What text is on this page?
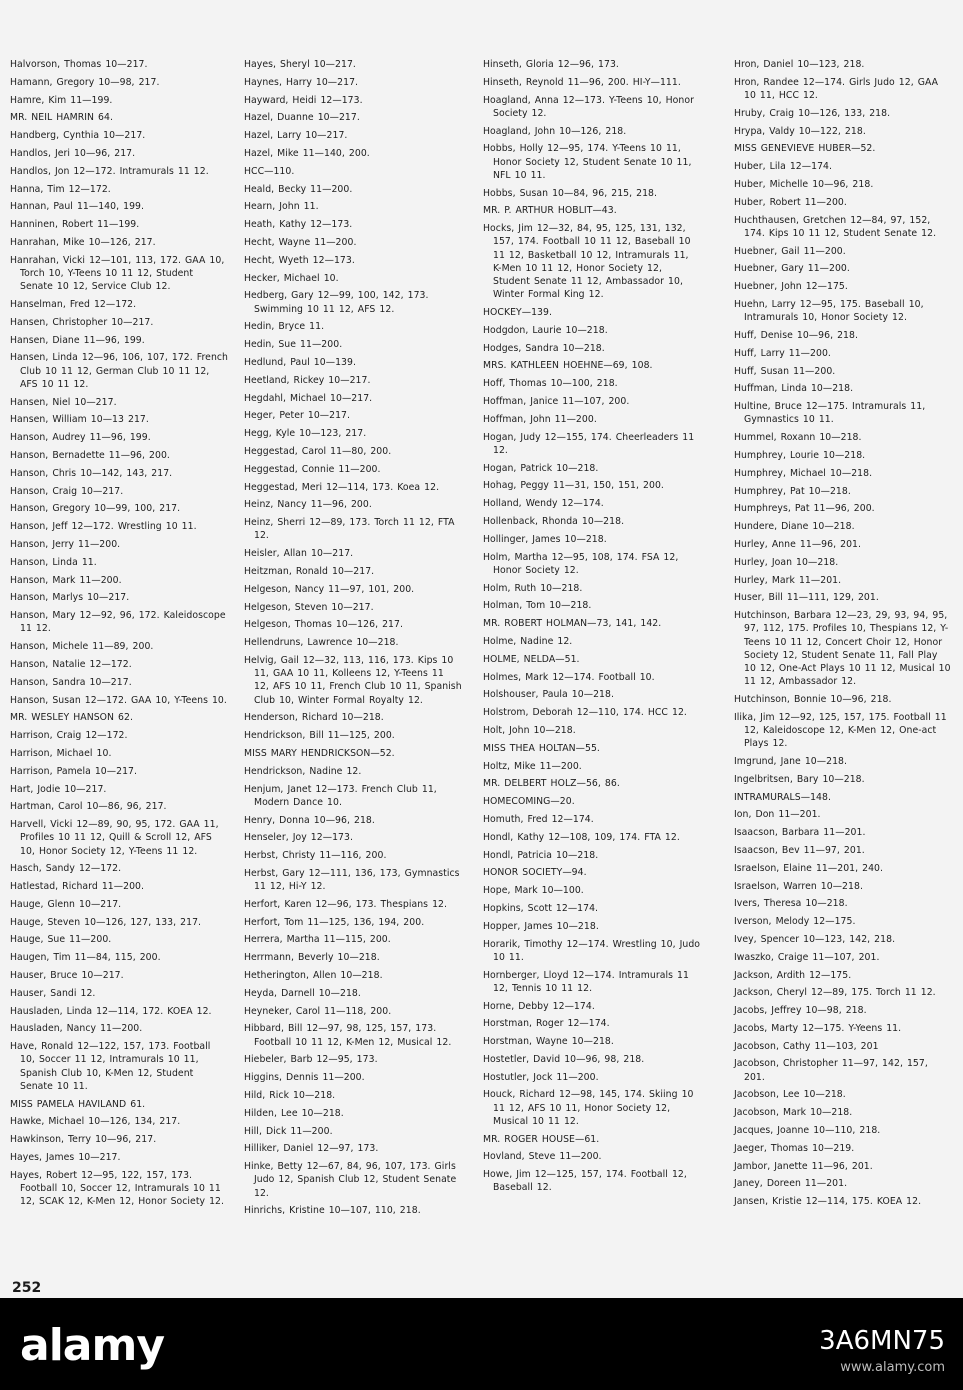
Halvorson, Thomas 10—217.
Hamann, Gregory 10—98, 217.
Hamre, Kim 11—199.
MR. NEIL HAMRIN 64.
Handberg, Cynthia 10—217.
Handlos, Jeri 10—96, 217.
Handlos, Jon 12—172. Intramurals 11 12.
Hanna, Tim 12—172.
Hannan, Paul 11—140, 199.
Hanninen, Robert 11—199.
Hanrahan, Mike 10—126, 217.
Hanrahan, Vicki 12—101, 113, 172. GAA 10, Torch 10, Y-Teens 10 11 12, Student Senate 10 12, Service Club 12.
Hanselman, Fred 12—172.
Hansen, Christopher 10—217.
Hansen, Diane 11—96, 199.
Hansen, Linda 12—96, 106, 107, 172. French Club 10 11 12, German Club 10 11 12, AFS 10 11 12.
Hansen, Niel 10—217.
Hansen, William 10—13 217.
Hanson, Audrey 11—96, 199.
Hanson, Bernadette 11—96, 200.
Hanson, Chris 10—142, 143, 217.
Hanson, Craig 10—217.
Hanson, Gregory 10—99, 100, 217.
Hanson, Jeff 12—172. Wrestling 10 11.
Hanson, Jerry 11—200.
Hanson, Linda 11.
Hanson, Mark 11—200.
Hanson, Marlys 10—217.
Hanson, Mary 12—92, 96, 172. Kaleidoscope 11 12.
Hanson, Michele 11—89, 200.
Hanson, Natalie 12—172.
Hanson, Sandra 10—217.
Hanson, Susan 12—172. GAA 10, Y-Teens 10.
MR. WESLEY HANSON 62.
Harrison, Craig 12—172.
Harrison, Michael 10.
Harrison, Pamela 10—217.
Hart, Jodie 10—217.
Hartman, Carol 10—86, 96, 217.
Harvell, Vicki 12—89, 90, 95, 172. GAA 11, Profiles 10 11 12, Quill & Scroll 12, AFS 10, Honor Society 12, Y-Teens 11 12.
Hasch, Sandy 12—172.
Hatlestad, Richard 11—200.
Hauge, Glenn 10—217.
Hauge, Steven 10—126, 127, 133, 217.
Hauge, Sue 11—200.
Haugen, Tim 11—84, 115, 200.
Hauser, Bruce 10—217.
Hauser, Sandi 12.
Hausladen, Linda 12—114, 172. KOEA 12.
Hausladen, Nancy 11—200.
Have, Ronald 12—122, 157, 173. Football 10, Soccer 11 12, Intramurals 10 11, Spanish Club 10, K-Men 12, Student Senate 10 11.
MISS PAMELA HAVILAND 61.
Hawke, Michael 10—126, 134, 217.
Hawkinson, Terry 10—96, 217.
Hayes, James 10—217.
Hayes, Robert 12—95, 122, 157, 173. Football 10, Soccer 12, Intramurals 10 11 12, SCAK 12, K-Men 12, Honor Society 12.
Hayes, Sheryl 10—217.
Haynes, Harry 10—217.
Hayward, Heidi 12—173.
Hazel, Duanne 10—217.
Hazel, Larry 10—217.
Hazel, Mike 11—140, 200.
HCC—110.
Heald, Becky 11—200.
Hearn, John 11.
Heath, Kathy 12—173.
Hecht, Wayne 11—200.
Hecht, Wyeth 12—173.
Hecker, Michael 10.
Hedberg, Gary 12—99, 100, 142, 173. Swimming 10 11 12, AFS 12.
Hedin, Bryce 11.
Hedin, Sue 11—200.
Hedlund, Paul 10—139.
Heetland, Rickey 10—217.
Hegdahl, Michael 10—217.
Heger, Peter 10—217.
Hegg, Kyle 10—123, 217.
Heggestad, Carol 11—80, 200.
Heggestad, Connie 11—200.
Heggestad, Meri 12—114, 173. Koea 12.
Heinz, Nancy 11—96, 200.
Heinz, Sherri 12—89, 173. Torch 11 12, FTA 12.
Heisler, Allan 10—217.
Heitzman, Ronald 10—217.
Helgeson, Nancy 11—97, 101, 200.
Helgeson, Steven 10—217.
Helgeson, Thomas 10—126, 217.
Hellendruns, Lawrence 10—218.
Helvig, Gail 12—32, 113, 116, 173. Kips 10 11, GAA 10 11, Kolleens 12, Y-Teens 11 12, AFS 10 11, French Club 10 11, Spanish Club 10, Winter Formal Royalty 12.
Henderson, Richard 10—218.
Hendrickson, Bill 11—125, 200.
MISS MARY HENDRICKSON—52.
Hendrickson, Nadine 12.
Henjum, Janet 12—173. French Club 11, Modern Dance 10.
Henry, Donna 10—96, 218.
Henseler, Joy 12—173.
Herbst, Christy 11—116, 200.
Herbst, Gary 12—111, 136, 173, Gymnastics 11 12, Hi-Y 12.
Herfort, Karen 12—96, 173. Thespians 12.
Herfort, Tom 11—125, 136, 194, 200.
Herrera, Martha 11—115, 200.
Herrmann, Beverly 10—218.
Hetherington, Allen 10—218.
Heyda, Darnell 10—218.
Heyneker, Carol 11—118, 200.
Hibbard, Bill 12—97, 98, 125, 157, 173. Football 10 11 12, K-Men 12, Musical 12.
Hiebeler, Barb 12—95, 173.
Higgins, Dennis 11—200.
Hild, Rick 10—218.
Hilden, Lee 10—218.
Hill, Dick 11—200.
Hilliker, Daniel 12—97, 173.
Hinke, Betty 12—67, 84, 96, 107, 173. Girls Judo 12, Spanish Club 12, Student Senate 12.
Hinrichs, Kristine 10—107, 110, 218.
Hinseth, Gloria 12—96, 173.
Hinseth, Reynold 11—96, 200. HI-Y—111.
Hoagland, Anna 12—173. Y-Teens 10, Honor Society 12.
Hoagland, John 10—126, 218.
Hobbs, Holly 12—95, 174. Y-Teens 10 11, Honor Society 12, Student Senate 10 11, NFL 10 11.
Hobbs, Susan 10—84, 96, 215, 218.
MR. P. ARTHUR HOBLIT—43.
Hocks, Jim 12—32, 84, 95, 125, 131, 132, 157, 174. Football 10 11 12, Baseball 10 11 12, Basketball 10 12, Intramurals 11, K-Men 10 11 12, Honor Society 12, Student Senate 11 12, Ambassador 10, Winter Formal King 12.
HOCKEY—139.
Hodgdon, Laurie 10—218.
Hodges, Sandra 10—218.
MRS. KATHLEEN HOEHNE—69, 108.
Hoff, Thomas 10—100, 218.
Hoffman, Janice 11—107, 200.
Hoffman, John 11—200.
Hogan, Judy 12—155, 174. Cheerleaders 11 12.
Hogan, Patrick 10—218.
Hohag, Peggy 11—31, 150, 151, 200.
Holland, Wendy 12—174.
Hollenback, Rhonda 10—218.
Hollinger, James 10—218.
Holm, Martha 12—95, 108, 174. FSA 12, Honor Society 12.
Holm, Ruth 10—218.
Holman, Tom 10—218.
MR. ROBERT HOLMAN—73, 141, 142.
Holme, Nadine 12.
HOLME, NELDA—51.
Holmes, Mark 12—174. Football 10.
Holshouser, Paula 10—218.
Holstrom, Deborah 12—110, 174. HCC 12.
Holt, John 10—218.
MISS THEA HOLTAN—55.
Holtz, Mike 11—200.
MR. DELBERT HOLZ—56, 86.
HOMECOMING—20.
Homuth, Fred 12—174.
Hondl, Kathy 12—108, 109, 174. FTA 12.
Hondl, Patricia 10—218.
HONOR SOCIETY—94.
Hope, Mark 10—100.
Hopkins, Scott 12—174.
Hopper, James 10—218.
Horarik, Timothy 12—174. Wrestling 10, Judo 10 11.
Hornberger, Lloyd 12—174. Intramurals 11 12, Tennis 10 11 12.
Horne, Debby 12—174.
Horstman, Roger 12—174.
Horstman, Wayne 10—218.
Hostetler, David 10—96, 98, 218.
Hostutler, Jock 11—200.
Houck, Richard 12—98, 145, 174. Skiing 10 11 12, AFS 10 11, Honor Society 12, Musical 10 11 12.
MR. ROGER HOUSE—61.
Hovland, Steve 11—200.
Howe, Jim 12—125, 157, 174. Football 12, Baseball 12.
Hron, Daniel 10—123, 218.
Hron, Randee 12—174. Girls Judo 12, GAA 10 11, HCC 12.
Hruby, Craig 10—126, 133, 218.
Hrypa, Valdy 10—122, 218.
MISS GENEVIEVE HUBER—52.
Huber, Lila 12—174.
Huber, Michelle 10—96, 218.
Huber, Robert 11—200.
Huchthausen, Gretchen 12—84, 97, 152, 174. Kips 10 11 12, Student Senate 12.
Huebner, Gail 11—200.
Huebner, Gary 11—200.
Huebner, John 12—175.
Huehn, Larry 12—95, 175. Baseball 10, Intramurals 10, Honor Society 12.
Huff, Denise 10—96, 218.
Huff, Larry 11—200.
Huff, Susan 11—200.
Huffman, Linda 10—218.
Hultine, Bruce 12—175. Intramurals 11, Gymnastics 10 11.
Hummel, Roxann 10—218.
Humphrey, Lourie 10—218.
Humphrey, Michael 10—218.
Humphrey, Pat 10—218.
Humphreys, Pat 11—96, 200.
Hundere, Diane 10—218.
Hurley, Anne 11—96, 201.
Hurley, Joan 10—218.
Hurley, Mark 11—201.
Huser, Bill 11—111, 129, 201.
Hutchinson, Barbara 12—23, 29, 93, 94, 95, 97, 112, 175. Profiles 10, Thespians 12, Y-Teens 10 11 12, Concert Choir 12, Honor Society 12, Student Senate 11, Fall Play 10 12, One-Act Plays 10 11 12, Musical 10 11 12, Ambassador 12.
Hutchinson, Bonnie 10—96, 218.
Ilika, Jim 12—92, 125, 157, 175. Football 11 12, Kaleidoscope 12, K-Men 12, One-act Plays 12.
Imgrund, Jane 10—218.
Ingelbritsen, Bary 10—218.
INTRAMURALS—148.
Ion, Don 11—201.
Isaacson, Barbara 11—201.
Isaacson, Bev 11—97, 201.
Israelson, Elaine 11—201, 240.
Israelson, Warren 10—218.
Ivers, Theresa 10—218.
Iverson, Melody 12—175.
Ivey, Spencer 10—123, 142, 218.
Iwaszko, Craige 11—107, 201.
Jackson, Ardith 12—175.
Jackson, Cheryl 12—89, 175. Torch 11 12.
Jacobs, Jeffrey 10—98, 218.
Jacobs, Marty 12—175. Y-Yeens 11.
Jacobson, Cathy 11—103, 201
Jacobson, Christopher 11—97, 142, 157, 201.
Jacobson, Lee 10—218.
Jacobson, Mark 10—218.
Jacques, Joanne 10—110, 218.
Jaeger, Thomas 10—219.
Jambor, Janette 11—96, 201.
Janey, Doreen 11—201.
Jansen, Kristie 12—114, 175. KOEA 12.
252
alamy	3A6MN75
www.alamy.com
